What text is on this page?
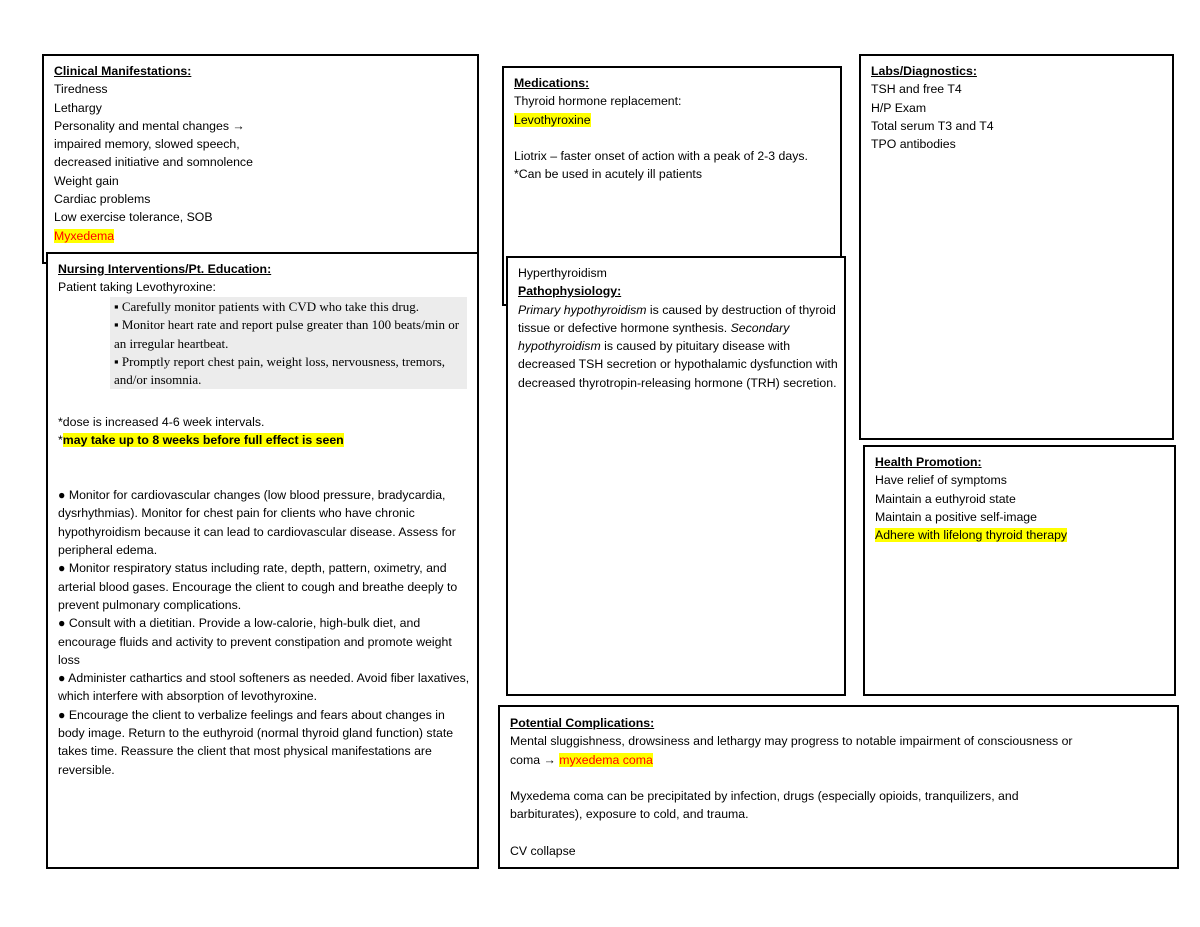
Clinical Manifestations:
Tiredness
Lethargy
Personality and mental changes →
impaired memory, slowed speech,
decreased initiative and somnolence
Weight gain
Cardiac problems
Low exercise tolerance, SOB
Myxedema
Medications:
Thyroid hormone replacement:
Levothyroxine
Liotrix – faster onset of action with a peak of 2-3 days.
*Can be used in acutely ill patients
Labs/Diagnostics:
TSH and free T4
H/P Exam
Total serum T3 and T4
TPO antibodies
Nursing Interventions/Pt. Education:
Patient taking Levothyroxine:
▪ Carefully monitor patients with CVD who take this drug.
▪ Monitor heart rate and report pulse greater than 100 beats/min or an irregular heartbeat.
▪ Promptly report chest pain, weight loss, nervousness, tremors, and/or insomnia.
*dose is increased 4-6 week intervals.
*may take up to 8 weeks before full effect is seen
● Monitor for cardiovascular changes (low blood pressure, bradycardia, dysrhythmias). Monitor for chest pain for clients who have chronic hypothyroidism because it can lead to cardiovascular disease. Assess for peripheral edema.
● Monitor respiratory status including rate, depth, pattern, oximetry, and arterial blood gases. Encourage the client to cough and breathe deeply to prevent pulmonary complications.
● Consult with a dietitian. Provide a low-calorie, high-bulk diet, and encourage fluids and activity to prevent constipation and promote weight loss
● Administer cathartics and stool softeners as needed. Avoid fiber laxatives, which interfere with absorption of levothyroxine.
● Encourage the client to verbalize feelings and fears about changes in body image. Return to the euthyroid (normal thyroid gland function) state takes time. Reassure the client that most physical manifestations are reversible.
Hyperthyroidism
Pathophysiology:
Primary hypothyroidism is caused by destruction of thyroid tissue or defective hormone synthesis. Secondary hypothyroidism is caused by pituitary disease with decreased TSH secretion or hypothalamic dysfunction with decreased thyrotropin-releasing hormone (TRH) secretion.
Health Promotion:
Have relief of symptoms
Maintain a euthyroid state
Maintain a positive self-image
Adhere with lifelong thyroid therapy
Potential Complications:
Mental sluggishness, drowsiness and lethargy may progress to notable impairment of consciousness or
coma → myxedema coma
Myxedema coma can be precipitated by infection, drugs (especially opioids, tranquilizers, and barbiturates), exposure to cold, and trauma.
CV collapse
